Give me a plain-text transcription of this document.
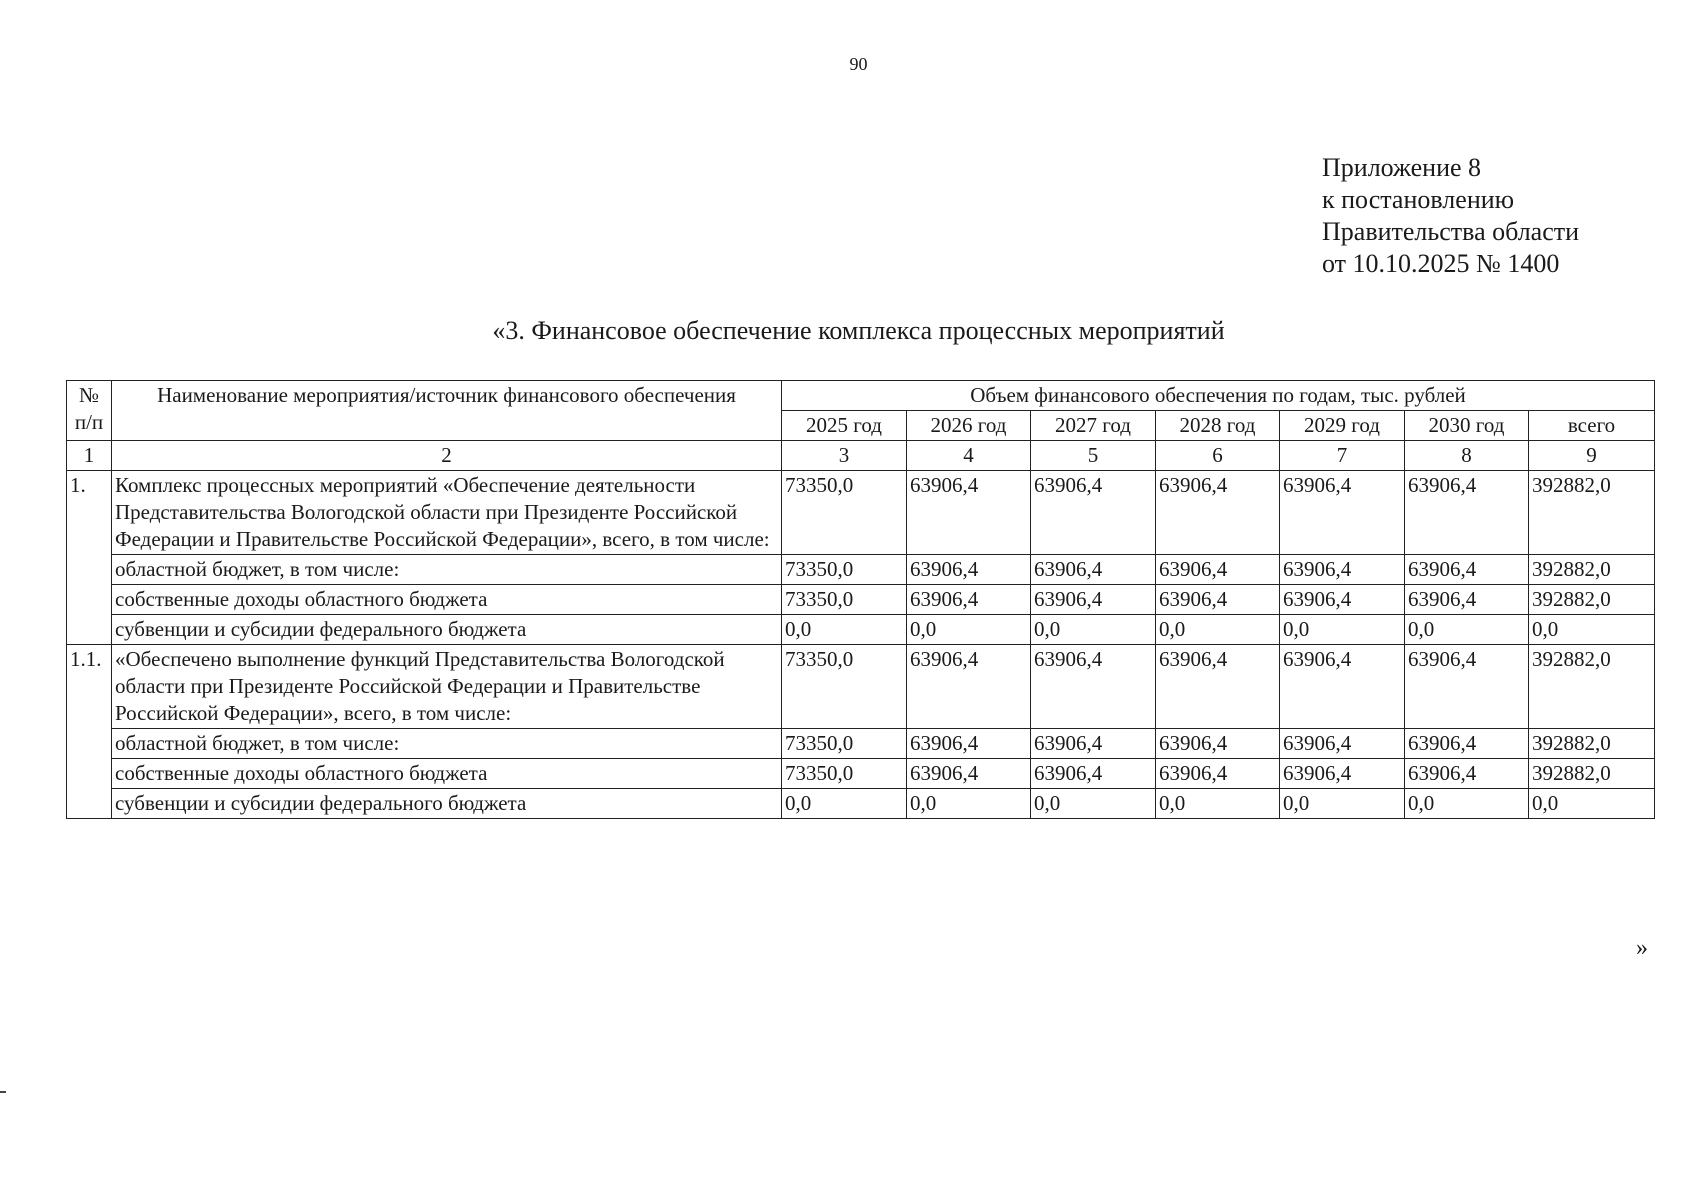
90
Приложение 8
к постановлению
Правительства области
от 10.10.2025 № 1400
«3. Финансовое обеспечение комплекса процессных мероприятий
№ п/п	Наименование мероприятия/источник финансового обеспечения	Объем финансового обеспечения по годам, тыс. рублей						
		2025 год	2026 год	2027 год	2028 год	2029 год	2030 год	всего
1	2	3	4	5	6	7	8	9
1.	Комплекс процессных мероприятий «Обеспечение деятельности Представительства Вологодской области при Президенте Российской Федерации и Правительстве Российской Федерации», всего, в том числе:	73350,0	63906,4	63906,4	63906,4	63906,4	63906,4	392882,0
	областной бюджет, в том числе:	73350,0	63906,4	63906,4	63906,4	63906,4	63906,4	392882,0
	собственные доходы областного бюджета	73350,0	63906,4	63906,4	63906,4	63906,4	63906,4	392882,0
	субвенции и субсидии федерального бюджета	0,0	0,0	0,0	0,0	0,0	0,0	0,0
1.1.	«Обеспечено выполнение функций Представительства Вологодской области при Президенте Российской Федерации и Правительстве Российской Федерации», всего, в том числе:	73350,0	63906,4	63906,4	63906,4	63906,4	63906,4	392882,0
	областной бюджет, в том числе:	73350,0	63906,4	63906,4	63906,4	63906,4	63906,4	392882,0
	собственные доходы областного бюджета	73350,0	63906,4	63906,4	63906,4	63906,4	63906,4	392882,0
	субвенции и субсидии федерального бюджета	0,0	0,0	0,0	0,0	0,0	0,0	0,0
»
